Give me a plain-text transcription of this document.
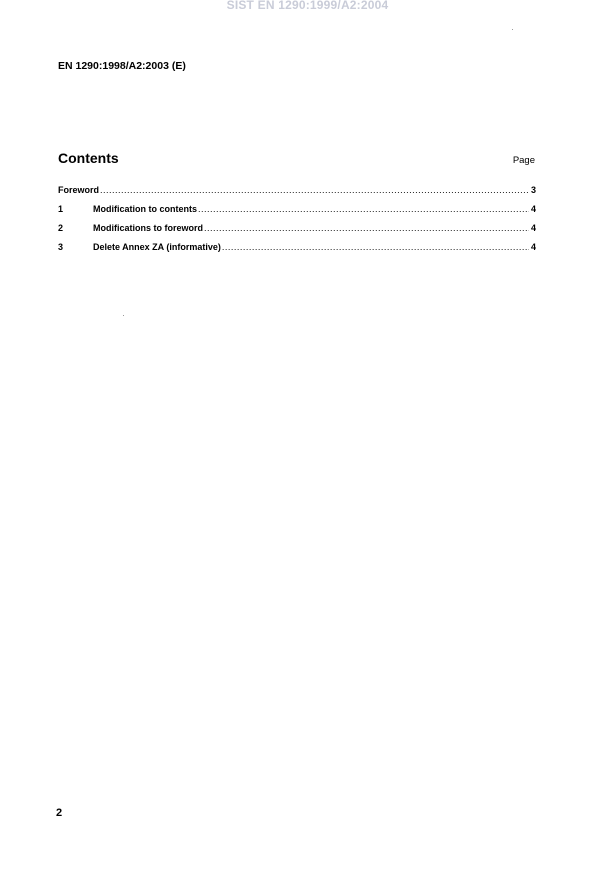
SIST EN 1290:1999/A2:2004
EN 1290:1998/A2:2003 (E)
Contents	Page
Foreword .....	3
1	Modification to contents .....	4
2	Modifications to foreword .....	4
3	Delete Annex ZA (informative) .....	4
2
